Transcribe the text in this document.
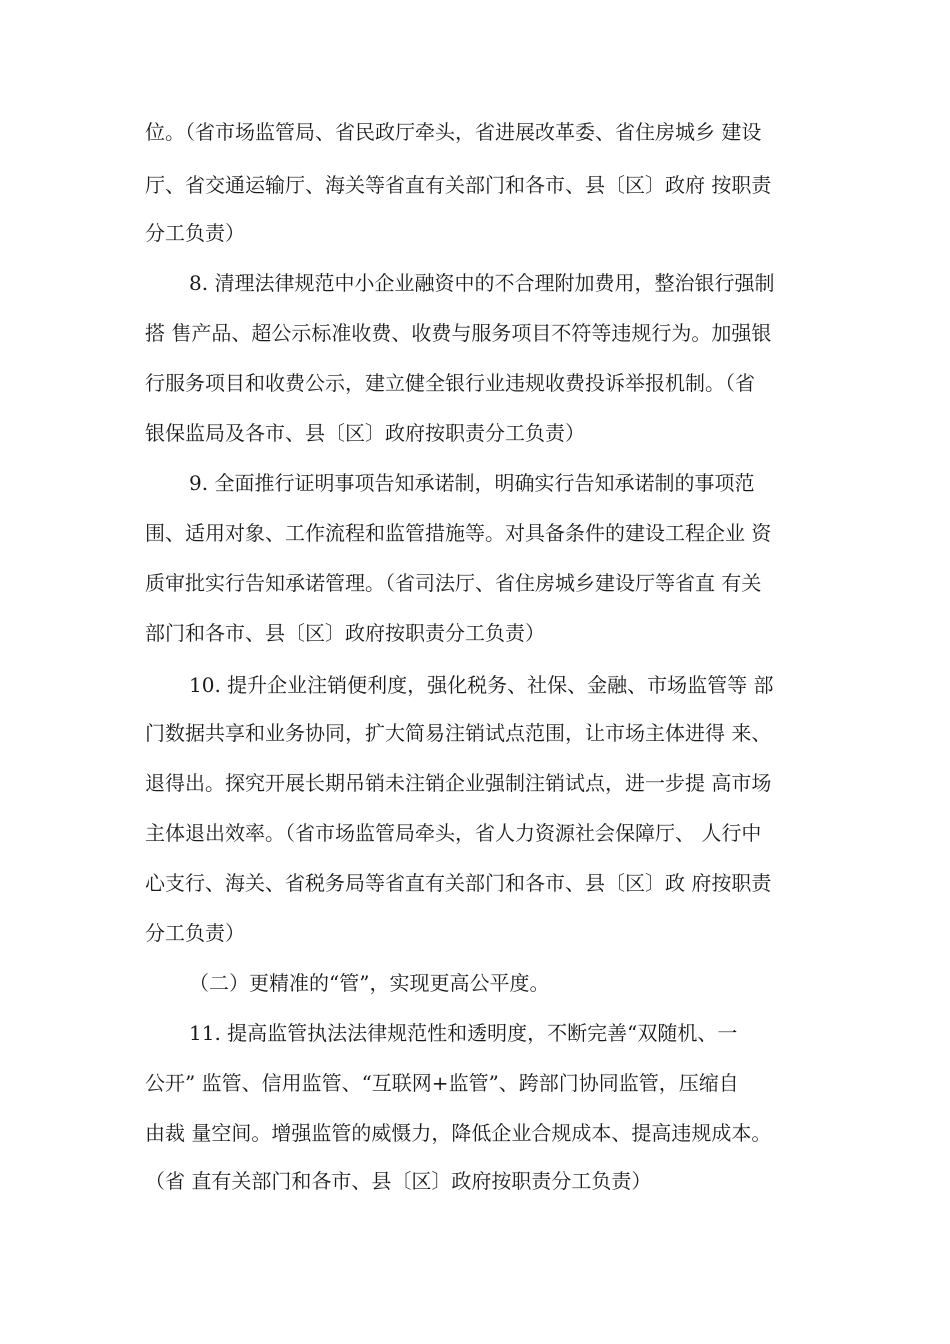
位。（省市场监管局、省民政厅牵头，省进展改革委、省住房城乡 建设
厅、省交通运输厅、海关等省直有关部门和各市、县〔区〕政府 按职责
分工负责）
8. 清理法律规范中小企业融资中的不合理附加费用，整治银行强制
搭 售产品、超公示标准收费、收费与服务项目不符等违规行为。加强银
行服务项目和收费公示，建立健全银行业违规收费投诉举报机制。（省
银保监局及各市、县〔区〕政府按职责分工负责）
9. 全面推行证明事项告知承诺制，明确实行告知承诺制的事项范
围、适用对象、工作流程和监管措施等。对具备条件的建设工程企业 资
质审批实行告知承诺管理。（省司法厅、省住房城乡建设厅等省直 有关
部门和各市、县〔区〕政府按职责分工负责）
10. 提升企业注销便利度，强化税务、社保、金融、市场监管等 部
门数据共享和业务协同，扩大简易注销试点范围，让市场主体进得 来、
退得出。探究开展长期吊销未注销企业强制注销试点，进一步提 高市场
主体退出效率。（省市场监管局牵头，省人力资源社会保障厅、 人行中
心支行、海关、省税务局等省直有关部门和各市、县〔区〕政 府按职责
分工负责）
（二）更精准的“管”，实现更高公平度。
11. 提高监管执法法律规范性和透明度，不断完善“双随机、一
公开” 监管、信用监管、“互联网+监管”、跨部门协同监管，压缩自
由裁 量空间。增强监管的威慑力，降低企业合规成本、提高违规成本。
（省 直有关部门和各市、县〔区〕政府按职责分工负责）
